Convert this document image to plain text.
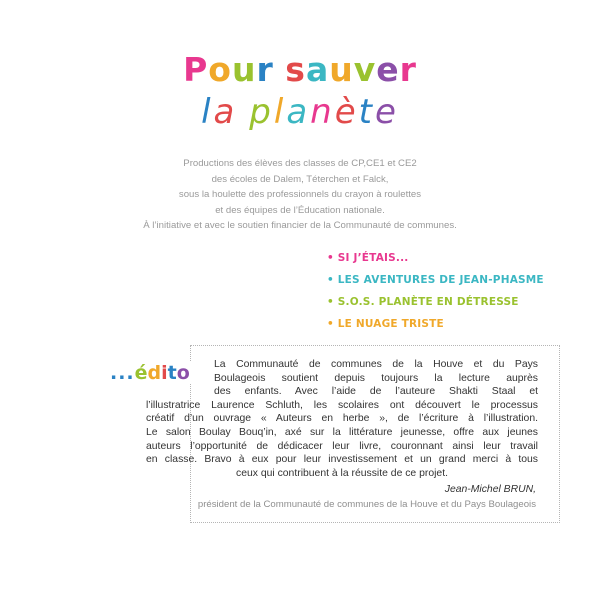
Pour sauver
la planète
Productions des élèves des classes de CP,CE1 et CE2
des écoles de Dalem, Téterchen et Falck,
sous la houlette des professionnels du crayon à roulettes
et des équipes de l’Éducation nationale.
À l’initiative et avec le soutien financier de la Communauté de communes.
• SI J’ÉTAIS...
• LES AVENTURES DE JEAN-PHASME
• S.O.S. PLANÈTE EN DÉTRESSE
• LE NUAGE TRISTE
...édito	La Communauté de communes de la Houve et du Pays
Boulageois soutient depuis toujours la lecture auprès
des enfants. Avec l’aide de l’auteure Shakti Staal et
l’illustratrice Laurence Schluth, les scolaires ont découvert le processus
créatif d’un ouvrage « Auteurs en herbe », de l’écriture à l’illustration.
Le salon Boulay Bouq’in, axé sur la littérature jeunesse, offre aux jeunes
auteurs l’opportunité de dédicacer leur livre, couronnant ainsi leur travail
en classe. Bravo à eux pour leur investissement et un grand merci à tous
ceux qui contribuent à la réussite de ce projet.
Jean-Michel BRUN,
président de la Communauté de communes de la Houve et du Pays Boulageois
